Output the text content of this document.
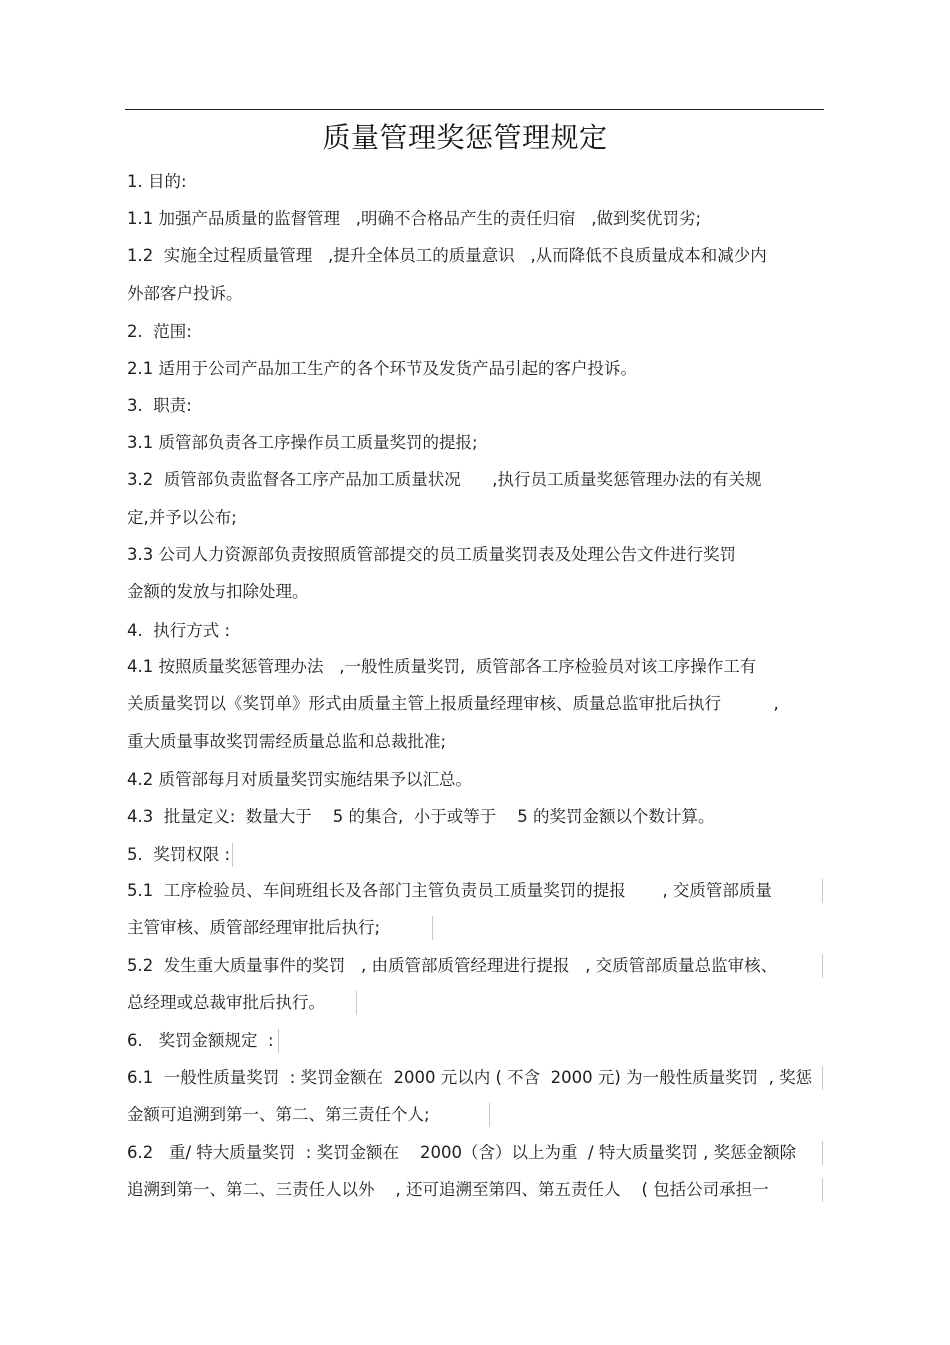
质量管理奖惩管理规定
1. 目的:
1.1 加强产品质量的监督管理   ,明确不合格品产生的责任归宿   ,做到奖优罚劣;
1.2  实施全过程质量管理   ,提升全体员工的质量意识   ,从而降低不良质量成本和减少内
外部客户投诉。
2.  范围:
2.1 适用于公司产品加工生产的各个环节及发货产品引起的客户投诉。
3.  职责:
3.1 质管部负责各工序操作员工质量奖罚的提报;
3.2  质管部负责监督各工序产品加工质量状况      ,执行员工质量奖惩管理办法的有关规
定,并予以公布;
3.3 公司人力资源部负责按照质管部提交的员工质量奖罚表及处理公告文件进行奖罚
金额的发放与扣除处理。
4.  执行方式 :
4.1 按照质量奖惩管理办法   ,一般性质量奖罚,  质管部各工序检验员对该工序操作工有
关质量奖罚以《奖罚单》形式由质量主管上报质量经理审核、质量总监审批后执行          ,
重大质量事故奖罚需经质量总监和总裁批准;
4.2 质管部每月对质量奖罚实施结果予以汇总。
4.3  批量定义:  数量大于    5 的集合,  小于或等于    5 的奖罚金额以个数计算。
5.  奖罚权限 :
5.1  工序检验员、车间班组长及各部门主管负责员工质量奖罚的提报       , 交质管部质量
主管审核、质管部经理审批后执行;
5.2  发生重大质量事件的奖罚   , 由质管部质管经理进行提报   , 交质管部质量总监审核、
总经理或总裁审批后执行。
6.   奖罚金额规定  :
6.1  一般性质量奖罚  : 奖罚金额在  2000 元以内 ( 不含  2000 元) 为一般性质量奖罚  , 奖惩
金额可追溯到第一、第二、第三责任个人;
6.2   重/ 特大质量奖罚  : 奖罚金额在    2000（含）以上为重  / 特大质量奖罚 , 奖惩金额除
追溯到第一、第二、三责任人以外    , 还可追溯至第四、第五责任人    ( 包括公司承担一
